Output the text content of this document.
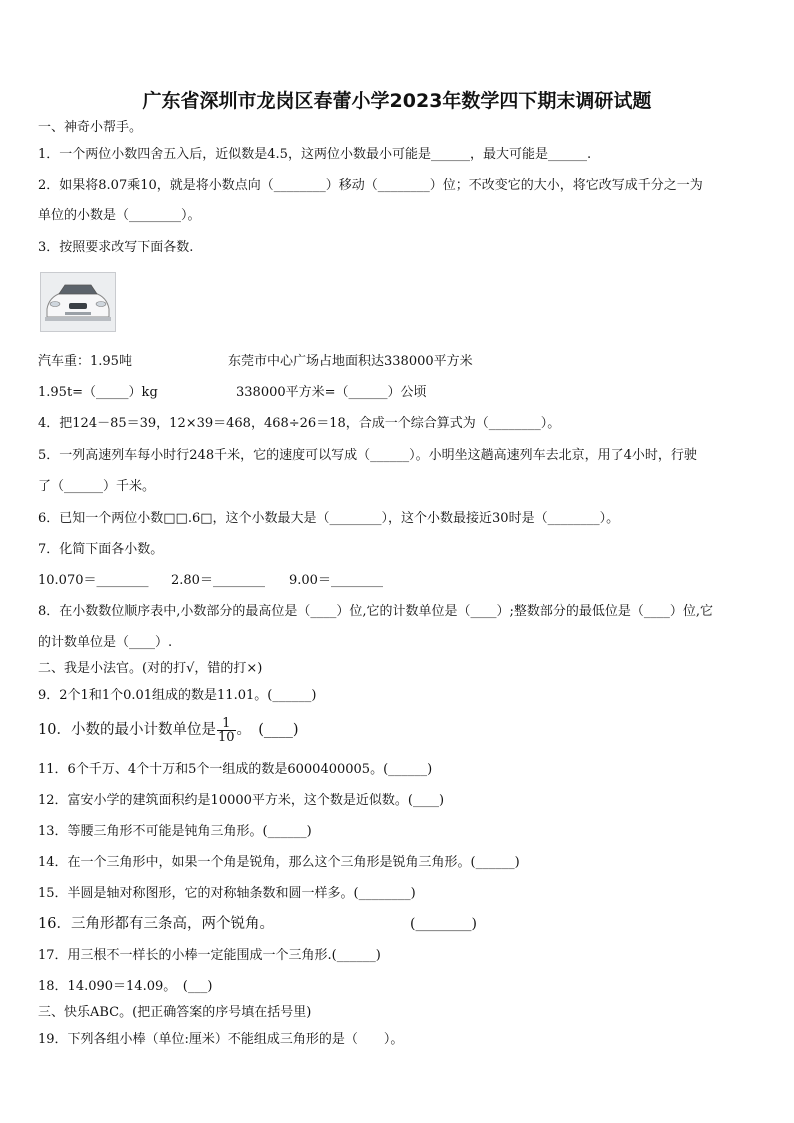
广东省深圳市龙岗区春蕾小学2023年数学四下期末调研试题
一、神奇小帮手。
1．一个两位小数四舍五入后，近似数是4.5，这两位小数最小可能是______，最大可能是______.
2．如果将8.07乘10，就是将小数点向（________）移动（________）位；不改变它的大小，将它改写成千分之一为
单位的小数是（________）。
3．按照要求改写下面各数.
汽车重：1.95吨	东莞市中心广场占地面积达338000平方米
1.95t=（_____）kg	338000平方米=（______）公顷
4．把124－85＝39，12×39＝468，468÷26＝18，合成一个综合算式为（________）。
5．一列高速列车每小时行248千米，它的速度可以写成（______）。小明坐这趟高速列车去北京，用了4小时，行驶
了（______）千米。
6．已知一个两位小数□□.6□，这个小数最大是（________），这个小数最接近30时是（________）。
7．化简下面各小数。
10.070＝________	2.80＝________ 9.00＝________
8．在小数数位顺序表中,小数部分的最高位是（____）位,它的计数单位是（____）;整数部分的最低位是（____）位,它
的计数单位是（____）.
二、我是小法官。(对的打√，错的打×)
9．2个1和1个0.01组成的数是11.01。(______)
10．小数的最小计数单位是 $\frac{1}{10}$ 。　(____)
11．6个千万、4个十万和5个一组成的数是6000400005。(______)
12．富安小学的建筑面积约是10000平方米，这个数是近似数。(____)
13．等腰三角形不可能是钝角三角形。(______)
14．在一个三角形中，如果一个角是锐角，那么这个三角形是锐角三角形。(______)
15．半圆是轴对称图形，它的对称轴条数和圆一样多。(________)
16．三角形都有三条高，两个锐角。	(________)
17．用三根不一样长的小棒一定能围成一个三角形.(______)
18．14.090＝14.09。　(___)
三、快乐ABC。(把正确答案的序号填在括号里)
19．下列各组小棒（单位:厘米）不能组成三角形的是（　　）。
